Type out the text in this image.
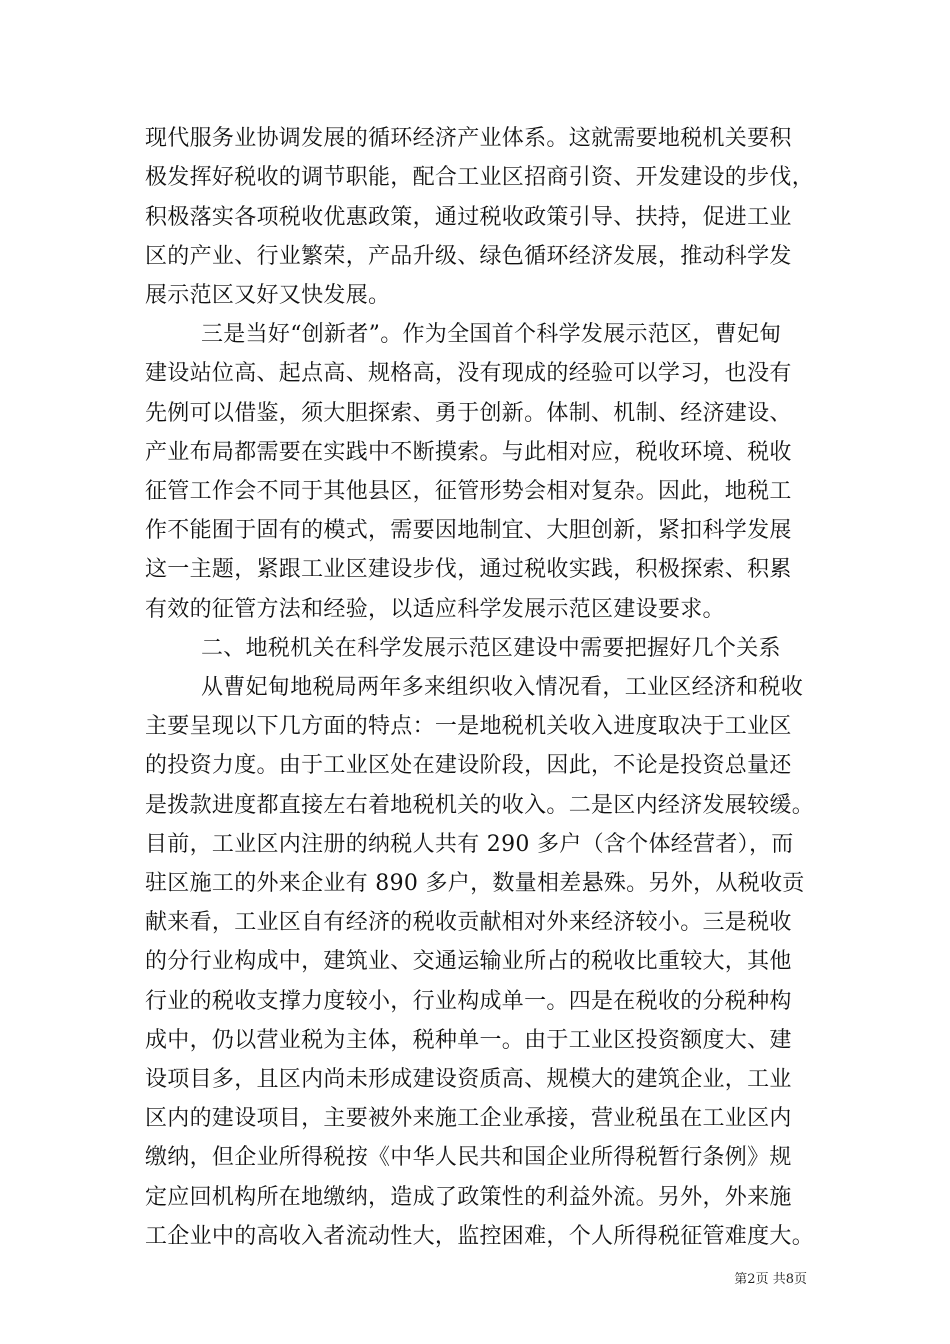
现代服务业协调发展的循环经济产业体系。这就需要地税机关要积
极发挥好税收的调节职能，配合工业区招商引资、开发建设的步伐，
积极落实各项税收优惠政策，通过税收政策引导、扶持，促进工业
区的产业、行业繁荣，产品升级、绿色循环经济发展，推动科学发
展示范区又好又快发展。
三是当好“创新者”。作为全国首个科学发展示范区，曹妃甸
建设站位高、起点高、规格高，没有现成的经验可以学习，也没有
先例可以借鉴，须大胆探索、勇于创新。体制、机制、经济建设、
产业布局都需要在实践中不断摸索。与此相对应，税收环境、税收
征管工作会不同于其他县区，征管形势会相对复杂。因此，地税工
作不能囿于固有的模式，需要因地制宜、大胆创新，紧扣科学发展
这一主题，紧跟工业区建设步伐，通过税收实践，积极探索、积累
有效的征管方法和经验，以适应科学发展示范区建设要求。
二、地税机关在科学发展示范区建设中需要把握好几个关系
从曹妃甸地税局两年多来组织收入情况看，工业区经济和税收
主要呈现以下几方面的特点：一是地税机关收入进度取决于工业区
的投资力度。由于工业区处在建设阶段，因此，不论是投资总量还
是拨款进度都直接左右着地税机关的收入。二是区内经济发展较缓。
目前，工业区内注册的纳税人共有 290 多户（含个体经营者），而
驻区施工的外来企业有 890 多户，数量相差悬殊。另外，从税收贡
献来看，工业区自有经济的税收贡献相对外来经济较小。三是税收
的分行业构成中，建筑业、交通运输业所占的税收比重较大，其他
行业的税收支撑力度较小，行业构成单一。四是在税收的分税种构
成中，仍以营业税为主体，税种单一。由于工业区投资额度大、建
设项目多，且区内尚未形成建设资质高、规模大的建筑企业，工业
区内的建设项目，主要被外来施工企业承接，营业税虽在工业区内
缴纳，但企业所得税按《中华人民共和国企业所得税暂行条例》规
定应回机构所在地缴纳，造成了政策性的利益外流。另外，外来施
工企业中的高收入者流动性大，监控困难，个人所得税征管难度大。
第2页 共8页
